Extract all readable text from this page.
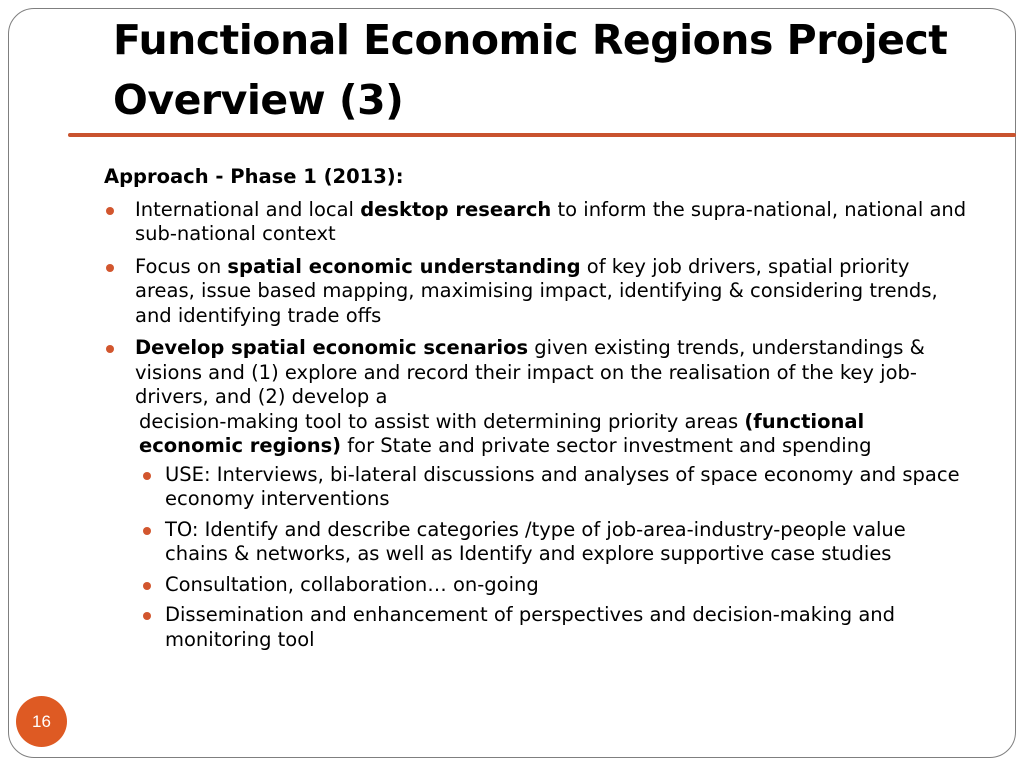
Functional Economic Regions Project Overview (3)
Approach - Phase 1 (2013):
International and local desktop research to inform the supra-national, national and sub-national context
Focus on spatial economic understanding of key job drivers, spatial priority areas, issue based mapping, maximising impact, identifying & considering trends, and identifying trade offs
Develop spatial economic scenarios given existing trends, understandings & visions and (1) explore and record their impact on the realisation of the key job-drivers, and (2) develop a
decision-making tool to assist with determining priority areas (functional economic regions) for State and private sector investment and spending
USE: Interviews, bi-lateral discussions and analyses of space economy and space economy interventions
TO: Identify and describe categories /type of job-area-industry-people value chains & networks, as well as Identify and explore supportive case studies
Consultation, collaboration… on-going
Dissemination and enhancement of perspectives and decision-making and monitoring tool
16
